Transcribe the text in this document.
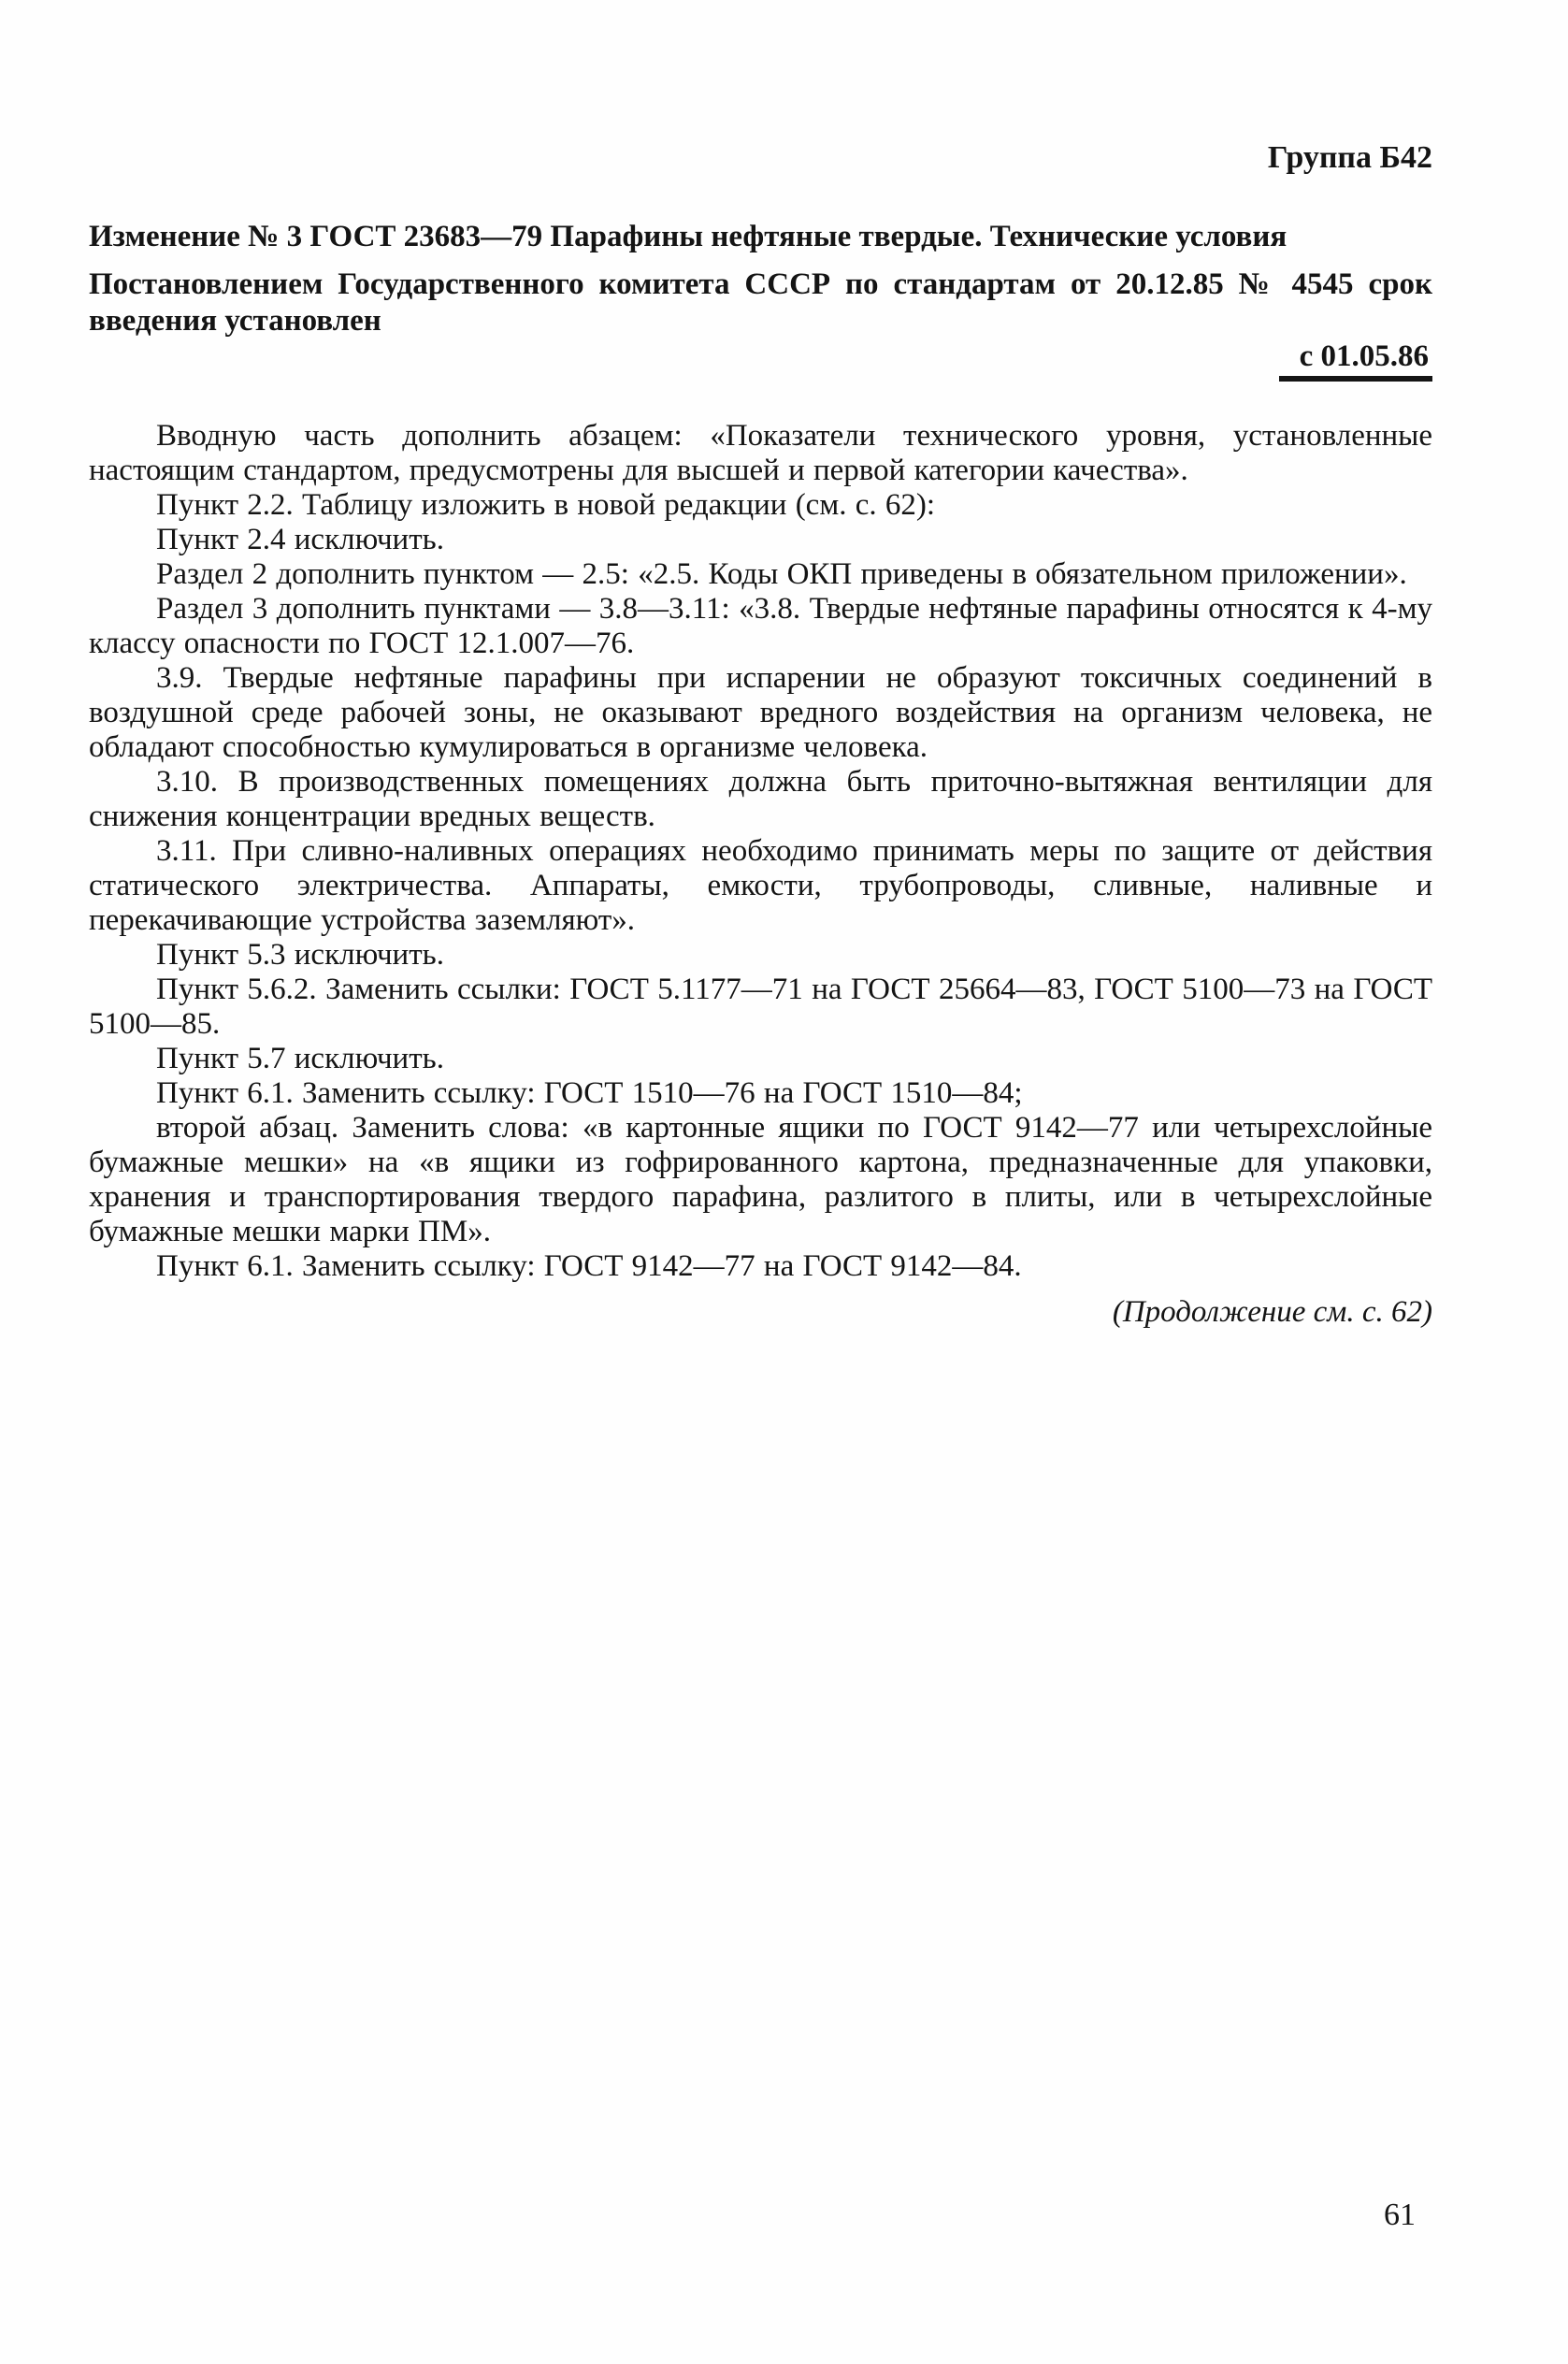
Группа Б42

Изменение № 3 ГОСТ 23683—79 Парафины нефтяные твердые. Технические условия

Постановлением Государственного комитета СССР по стандартам от 20.12.85 № 4545 срок введения установлен

с 01.05.86

Вводную часть дополнить абзацем: «Показатели технического уровня, установленные настоящим стандартом, предусмотрены для высшей и первой категории качества».

Пункт 2.2. Таблицу изложить в новой редакции (см. с. 62):

Пункт 2.4 исключить.

Раздел 2 дополнить пунктом — 2.5: «2.5. Коды ОКП приведены в обязательном приложении».

Раздел 3 дополнить пунктами — 3.8—3.11: «3.8. Твердые нефтяные парафины относятся к 4-му классу опасности по ГОСТ 12.1.007—76.

3.9. Твердые нефтяные парафины при испарении не образуют токсичных соединений в воздушной среде рабочей зоны, не оказывают вредного воздействия на организм человека, не обладают способностью кумулироваться в организме человека.

3.10. В производственных помещениях должна быть приточно-вытяжная вентиляции для снижения концентрации вредных веществ.

3.11. При сливно-наливных операциях необходимо принимать меры по защите от действия статического электричества. Аппараты, емкости, трубопроводы, сливные, наливные и перекачивающие устройства заземляют».

Пункт 5.3 исключить.

Пункт 5.6.2. Заменить ссылки: ГОСТ 5.1177—71 на ГОСТ 25664—83, ГОСТ 5100—73 на ГОСТ 5100—85.

Пункт 5.7 исключить.

Пункт 6.1. Заменить ссылку: ГОСТ 1510—76 на ГОСТ 1510—84;

второй абзац. Заменить слова: «в картонные ящики по ГОСТ 9142—77 или четырехслойные бумажные мешки» на «в ящики из гофрированного картона, предназначенные для упаковки, хранения и транспортирования твердого парафина, разлитого в плиты, или в четырехслойные бумажные мешки марки ПМ».

Пункт 6.1. Заменить ссылку: ГОСТ 9142—77 на ГОСТ 9142—84.

(Продолжение см. с. 62)
61
